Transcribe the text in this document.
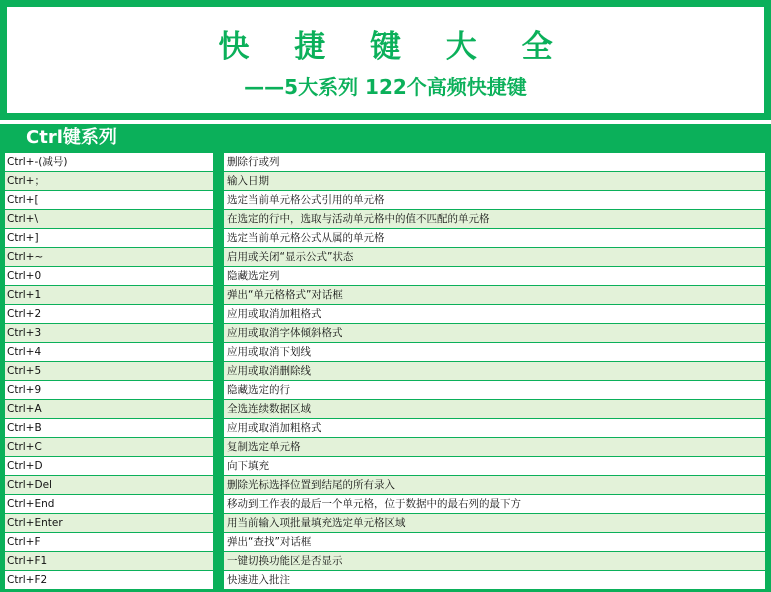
快 捷 键 大 全
——5大系列 122个高频快捷键
Ctrl键系列
Ctrl+-(减号)	删除行或列
Ctrl+；	输入日期
Ctrl+[	选定当前单元格公式引用的单元格
Ctrl+\	在选定的行中，选取与活动单元格中的值不匹配的单元格
Ctrl+]	选定当前单元格公式从属的单元格
Ctrl+~	启用或关闭“显示公式”状态
Ctrl+0	隐藏选定列
Ctrl+1	弹出“单元格格式”对话框
Ctrl+2	应用或取消加粗格式
Ctrl+3	应用或取消字体倾斜格式
Ctrl+4	应用或取消下划线
Ctrl+5	应用或取消删除线
Ctrl+9	隐藏选定的行
Ctrl+A	全选连续数据区域
Ctrl+B	应用或取消加粗格式
Ctrl+C	复制选定单元格
Ctrl+D	向下填充
Ctrl+Del	删除光标选择位置到结尾的所有录入
Ctrl+End	移动到工作表的最后一个单元格，位于数据中的最右列的最下方
Ctrl+Enter	用当前输入项批量填充选定单元格区域
Ctrl+F	弹出“查找”对话框
Ctrl+F1	一键切换功能区是否显示
Ctrl+F2	快速进入批注
